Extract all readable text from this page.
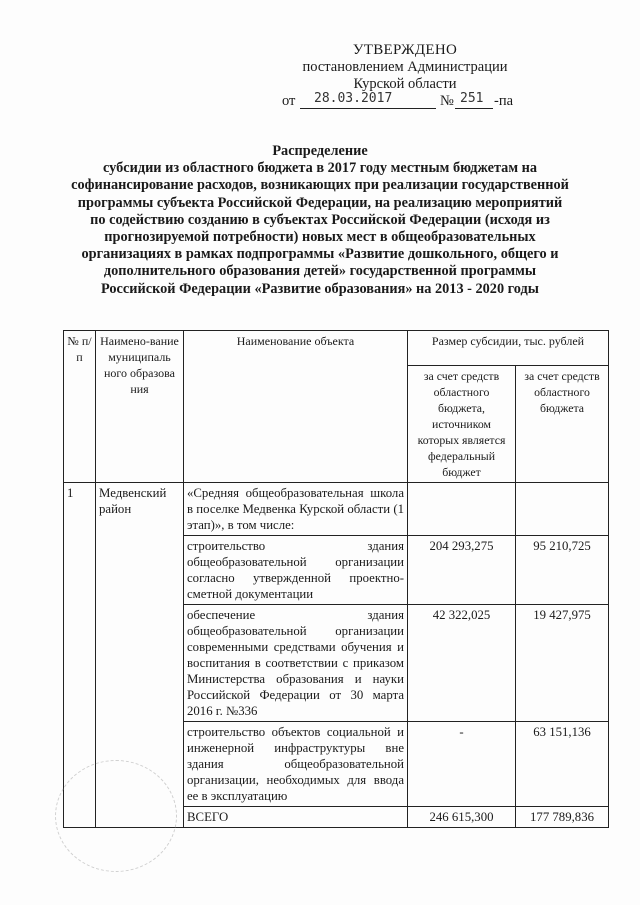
УТВЕРЖДЕНО
постановлением Администрации
Курской области
от 28.03.2017	№ 251 -па
Распределение
субсидии из областного бюджета в 2017 году местным бюджетам на софинансирование расходов, возникающих при реализации государственной программы субъекта Российской Федерации, на реализацию мероприятий по содействию созданию в субъектах Российской Федерации (исходя из прогнозируемой потребности) новых мест в общеобразовательных организациях в рамках подпрограммы «Развитие дошкольного, общего и дополнительного образования детей» государственной программы Российской Федерации «Развитие образования» на 2013 - 2020 годы
№ п/п	Наимено-вание муниципаль ного образова ния	Наименование объекта	Размер субсидии, тыс. рублей	
			за счет средств областного бюджета, источником которых является федеральный бюджет	за счет средств областного бюджета
1	Медвенский район	«Средняя общеобразовательная школа в поселке Медвенка Курской области (1 этап)», в том числе:		
		строительство здания общеобразовательной организации согласно утвержденной проектно-сметной документации	204 293,275	95 210,725
		обеспечение здания общеобразовательной организации современными средствами обучения и воспитания в соответствии с приказом Министерства образования и науки Российской Федерации от 30 марта 2016 г. №336	42 322,025	19 427,975
		строительство объектов социальной и инженерной инфраструктуры вне здания общеобразовательной организации, необходимых для ввода ее в эксплуатацию	-	63 151,136
		ВСЕГО	246 615,300	177 789,836
